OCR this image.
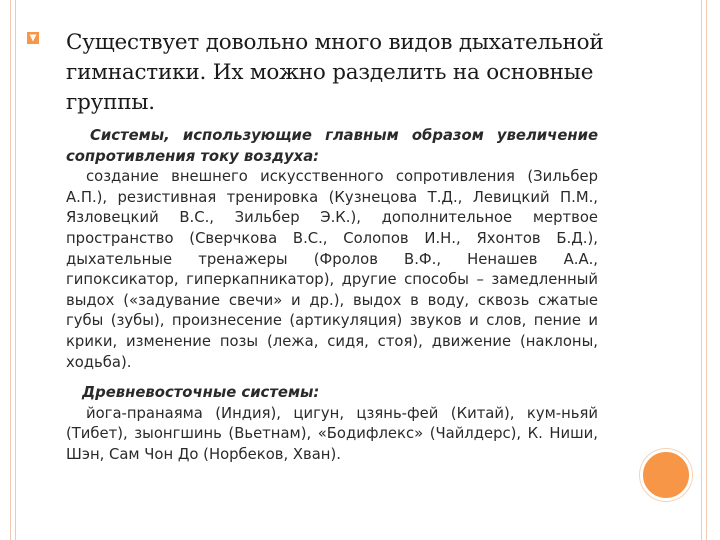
Существует довольно много видов дыхательной гимнастики. Их можно разделить на основные группы.

Системы, использующие главным образом увеличение сопротивления току воздуха:

создание внешнего искусственного сопротивления (Зильбер А.П.), резистивная тренировка (Кузнецова Т.Д., Левицкий П.М., Язловецкий В.С., Зильбер Э.К.), дополнительное мертвое пространство (Сверчкова В.С., Солопов И.Н., Яхонтов Б.Д.), дыхательные тренажеры (Фролов В.Ф., Ненашев А.А., гипоксикатор, гиперкапникатор), другие способы – замедленный выдох («задувание свечи» и др.), выдох в воду, сквозь сжатые губы (зубы), произнесение (артикуляция) звуков и слов, пение и крики, изменение позы (лежа, сидя, стоя), движение (наклоны, ходьба).

Древневосточные системы:

йога-пранаяма (Индия), цигун, цзянь-фей (Китай), кум-ньяй (Тибет), зыонгшинь (Вьетнам), «Бодифлекс» (Чайлдерс), К. Ниши, Шэн, Сам Чон До (Норбеков, Хван).
